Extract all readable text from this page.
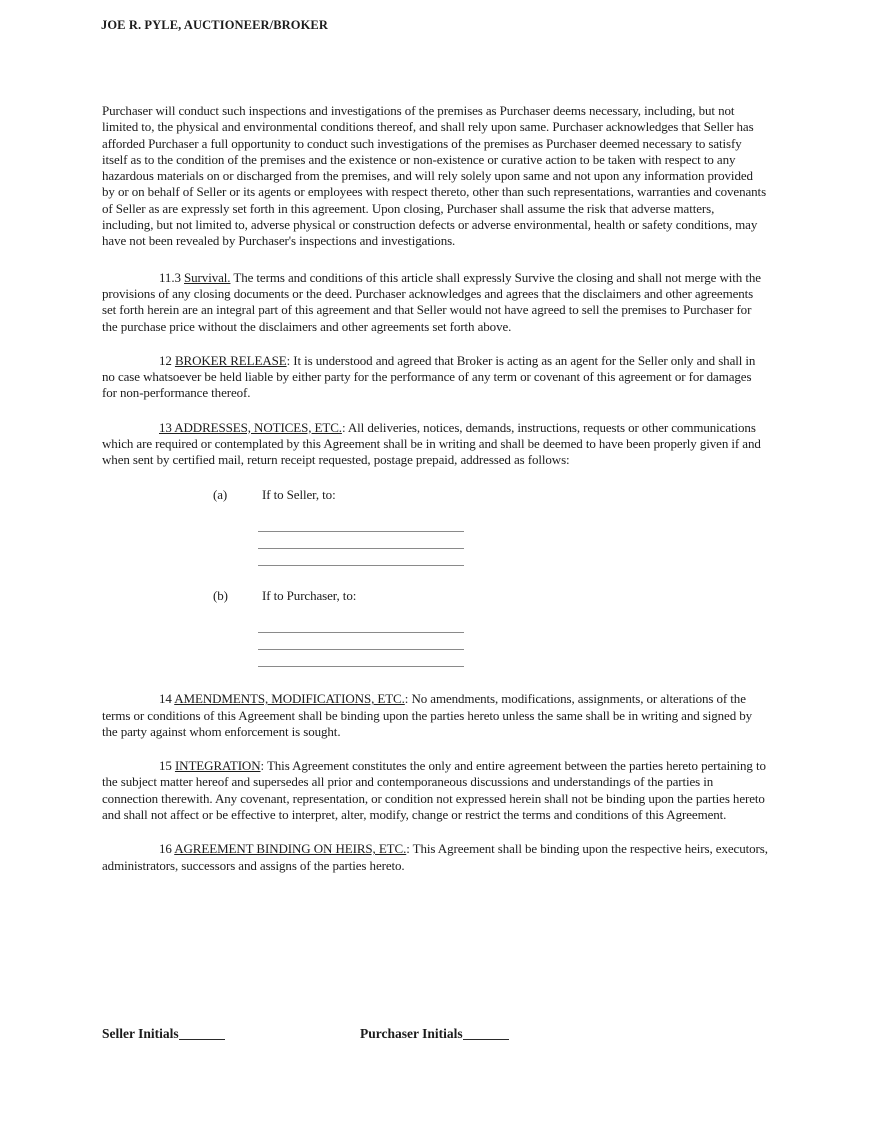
JOE R. PYLE, AUCTIONEER/BROKER

Purchaser will conduct such inspections and investigations of the premises as Purchaser deems necessary, including, but not limited to, the physical and environmental conditions thereof, and shall rely upon same. Purchaser acknowledges that Seller has afforded Purchaser a full opportunity to conduct such investigations of the premises as Purchaser deemed necessary to satisfy itself as to the condition of the premises and the existence or non-existence or curative action to be taken with respect to any hazardous materials on or discharged from the premises, and will rely solely upon same and not upon any information provided by or on behalf of Seller or its agents or employees with respect thereto, other than such representations, warranties and covenants of Seller as are expressly set forth in this agreement. Upon closing, Purchaser shall assume the risk that adverse matters, including, but not limited to, adverse physical or construction defects or adverse environmental, health or safety conditions, may have not been revealed by Purchaser's inspections and investigations.

11.3 Survival. The terms and conditions of this article shall expressly Survive the closing and shall not merge with the provisions of any closing documents or the deed. Purchaser acknowledges and agrees that the disclaimers and other agreements set forth herein are an integral part of this agreement and that Seller would not have agreed to sell the premises to Purchaser for the purchase price without the disclaimers and other agreements set forth above.

12 BROKER RELEASE: It is understood and agreed that Broker is acting as an agent for the Seller only and shall in no case whatsoever be held liable by either party for the performance of any term or covenant of this agreement or for damages for non-performance thereof.

13 ADDRESSES, NOTICES, ETC.: All deliveries, notices, demands, instructions, requests or other communications which are required or contemplated by this Agreement shall be in writing and shall be deemed to have been properly given if and when sent by certified mail, return receipt requested, postage prepaid, addressed as follows:

(a)	If to Seller, to:
(b)	If to Purchaser, to:

14 AMENDMENTS, MODIFICATIONS, ETC.: No amendments, modifications, assignments, or alterations of the terms or conditions of this Agreement shall be binding upon the parties hereto unless the same shall be in writing and signed by the party against whom enforcement is sought.

15 INTEGRATION: This Agreement constitutes the only and entire agreement between the parties hereto pertaining to the subject matter hereof and supersedes all prior and contemporaneous discussions and understandings of the parties in connection therewith. Any covenant, representation, or condition not expressed herein shall not be binding upon the parties hereto and shall not affect or be effective to interpret, alter, modify, change or restrict the terms and conditions of this Agreement.

16 AGREEMENT BINDING ON HEIRS, ETC.: This Agreement shall be binding upon the respective heirs, executors, administrators, successors and assigns of the parties hereto.

Seller Initials	Purchaser Initials
